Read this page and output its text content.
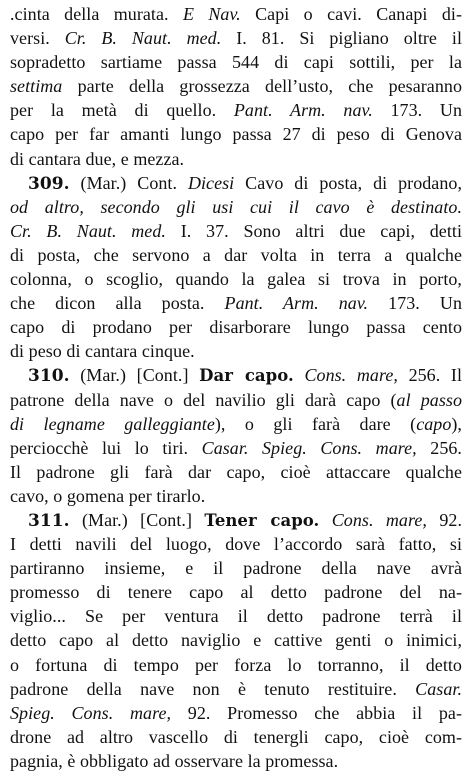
.cinta della murata. E Nav. Capi o cavi. Canapi di-
versi. Cr. B. Naut. med. I. 81. Si pigliano oltre il
sopradetto sartiame passa 544 di capi sottili, per la
settima parte della grossezza dell’usto, che pesaranno
per la metà di quello. Pant. Arm. nav. 173. Un
capo per far amanti lungo passa 27 di peso di Genova
di cantara due, e mezza.
309. (Mar.) Cont. Dicesi Cavo di posta, di prodano,
od altro, secondo gli usi cui il cavo è destinato.
Cr. B. Naut. med. I. 37. Sono altri due capi, detti
di posta, che servono a dar volta in terra a qualche
colonna, o scoglio, quando la galea si trova in porto,
che dicon alla posta. Pant. Arm. nav. 173. Un
capo di prodano per disarborare lungo passa cento
di peso di cantara cinque.
310. (Mar.) [Cont.] Dar capo. Cons. mare, 256. Il
patrone della nave o del navilio gli darà capo (al passo
di legname galleggiante), o gli farà dare (capo),
perciocchè lui lo tiri. Casar. Spieg. Cons. mare, 256.
Il padrone gli farà dar capo, cioè attaccare qualche
cavo, o gomena per tirarlo.
311. (Mar.) [Cont.] Tener capo. Cons. mare, 92.
I detti navili del luogo, dove l’accordo sarà fatto, si
partiranno insieme, e il padrone della nave avrà
promesso di tenere capo al detto padrone del na-
viglio... Se per ventura il detto padrone terrà il
detto capo al detto naviglio e cattive genti o inimici,
o fortuna di tempo per forza lo torranno, il detto
padrone della nave non è tenuto restituire. Casar.
Spieg. Cons. mare, 92. Promesso che abbia il pa-
drone ad altro vascello di tenergli capo, cioè com-
pagnia, è obbligato ad osservare la promessa.
